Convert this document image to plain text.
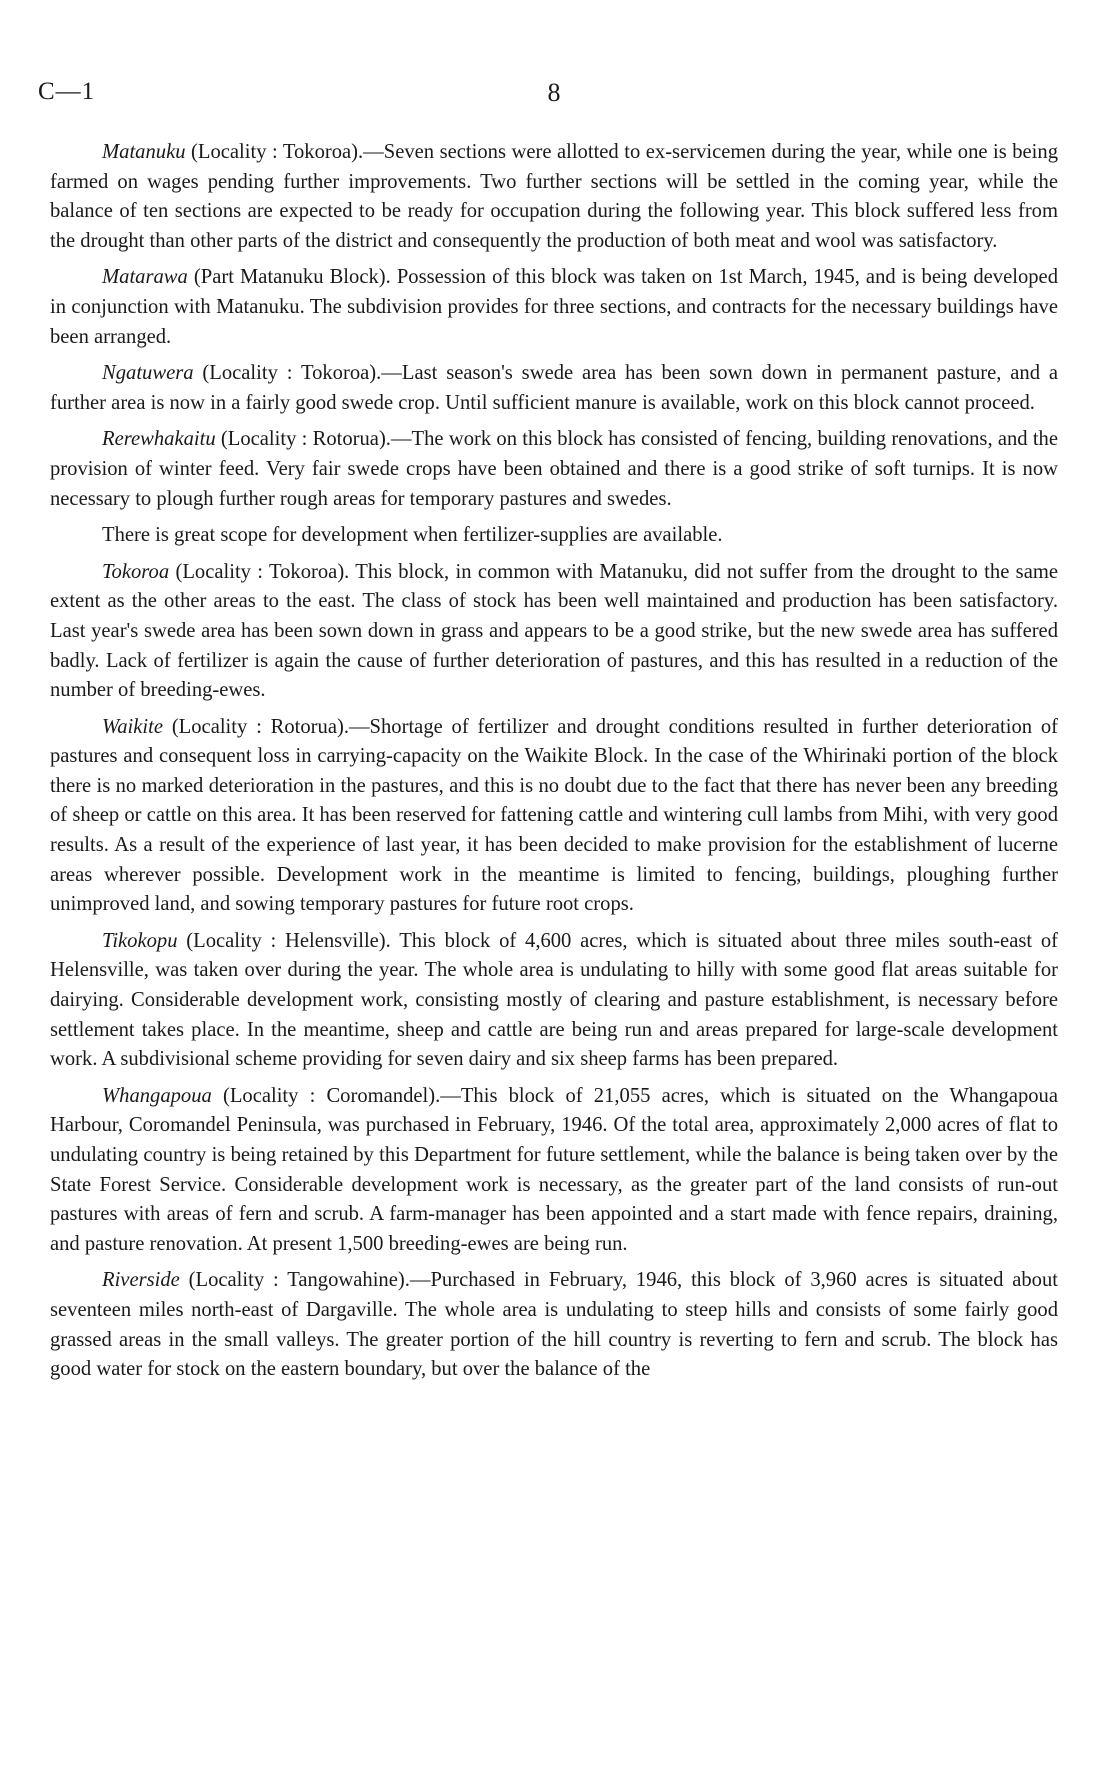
C—1	8

Matanuku (Locality : Tokoroa).—Seven sections were allotted to ex-servicemen during the year, while one is being farmed on wages pending further improvements. Two further sections will be settled in the coming year, while the balance of ten sections are expected to be ready for occupation during the following year. This block suffered less from the drought than other parts of the district and consequently the production of both meat and wool was satisfactory.

Matarawa (Part Matanuku Block). Possession of this block was taken on 1st March, 1945, and is being developed in conjunction with Matanuku. The subdivision provides for three sections, and contracts for the necessary buildings have been arranged.

Ngatuwera (Locality : Tokoroa).—Last season's swede area has been sown down in permanent pasture, and a further area is now in a fairly good swede crop. Until sufficient manure is available, work on this block cannot proceed.

Rerewhakaitu (Locality : Rotorua).—The work on this block has consisted of fencing, building renovations, and the provision of winter feed. Very fair swede crops have been obtained and there is a good strike of soft turnips. It is now necessary to plough further rough areas for temporary pastures and swedes.

There is great scope for development when fertilizer-supplies are available.

Tokoroa (Locality : Tokoroa). This block, in common with Matanuku, did not suffer from the drought to the same extent as the other areas to the east. The class of stock has been well maintained and production has been satisfactory. Last year's swede area has been sown down in grass and appears to be a good strike, but the new swede area has suffered badly. Lack of fertilizer is again the cause of further deterioration of pastures, and this has resulted in a reduction of the number of breeding-ewes.

Waikite (Locality : Rotorua).—Shortage of fertilizer and drought conditions resulted in further deterioration of pastures and consequent loss in carrying-capacity on the Waikite Block. In the case of the Whirinaki portion of the block there is no marked deterioration in the pastures, and this is no doubt due to the fact that there has never been any breeding of sheep or cattle on this area. It has been reserved for fattening cattle and wintering cull lambs from Mihi, with very good results. As a result of the experience of last year, it has been decided to make provision for the establishment of lucerne areas wherever possible. Development work in the meantime is limited to fencing, buildings, ploughing further unimproved land, and sowing temporary pastures for future root crops.

Tikokopu (Locality : Helensville). This block of 4,600 acres, which is situated about three miles south-east of Helensville, was taken over during the year. The whole area is undulating to hilly with some good flat areas suitable for dairying. Considerable development work, consisting mostly of clearing and pasture establishment, is necessary before settlement takes place. In the meantime, sheep and cattle are being run and areas prepared for large-scale development work. A subdivisional scheme providing for seven dairy and six sheep farms has been prepared.

Whangapoua (Locality : Coromandel).—This block of 21,055 acres, which is situated on the Whangapoua Harbour, Coromandel Peninsula, was purchased in February, 1946. Of the total area, approximately 2,000 acres of flat to undulating country is being retained by this Department for future settlement, while the balance is being taken over by the State Forest Service. Considerable development work is necessary, as the greater part of the land consists of run-out pastures with areas of fern and scrub. A farm-manager has been appointed and a start made with fence repairs, draining, and pasture renovation. At present 1,500 breeding-ewes are being run.

Riverside (Locality : Tangowahine).—Purchased in February, 1946, this block of 3,960 acres is situated about seventeen miles north-east of Dargaville. The whole area is undulating to steep hills and consists of some fairly good grassed areas in the small valleys. The greater portion of the hill country is reverting to fern and scrub. The block has good water for stock on the eastern boundary, but over the balance of the
